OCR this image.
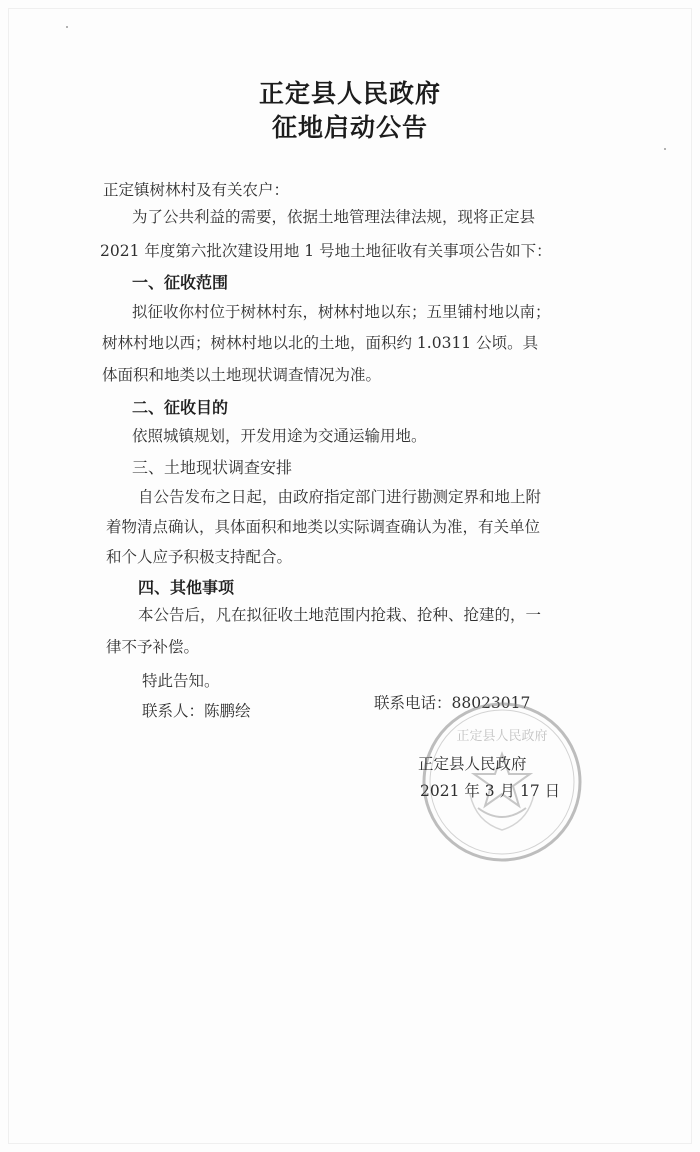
正定县人民政府
征地启动公告
正定镇树林村及有关农户：
为了公共利益的需要，依据土地管理法律法规，现将正定县
2021 年度第六批次建设用地 1 号地土地征收有关事项公告如下：
一、征收范围
拟征收你村位于树林村东，树林村地以东；五里铺村地以南；
树林村地以西；树林村地以北的土地，面积约 1.0311 公顷。具
体面积和地类以土地现状调查情况为准。
二、征收目的
依照城镇规划，开发用途为交通运输用地。
三、土地现状调查安排
自公告发布之日起，由政府指定部门进行勘测定界和地上附
着物清点确认，具体面积和地类以实际调查确认为准，有关单位
和个人应予积极支持配合。
四、其他事项
本公告后，凡在拟征收土地范围内抢栽、抢种、抢建的，一
律不予补偿。
特此告知。
联系人：陈鹏绘	联系电话：88023017
正定县人民政府
正定县人民政府
2021 年 3 月 17 日
